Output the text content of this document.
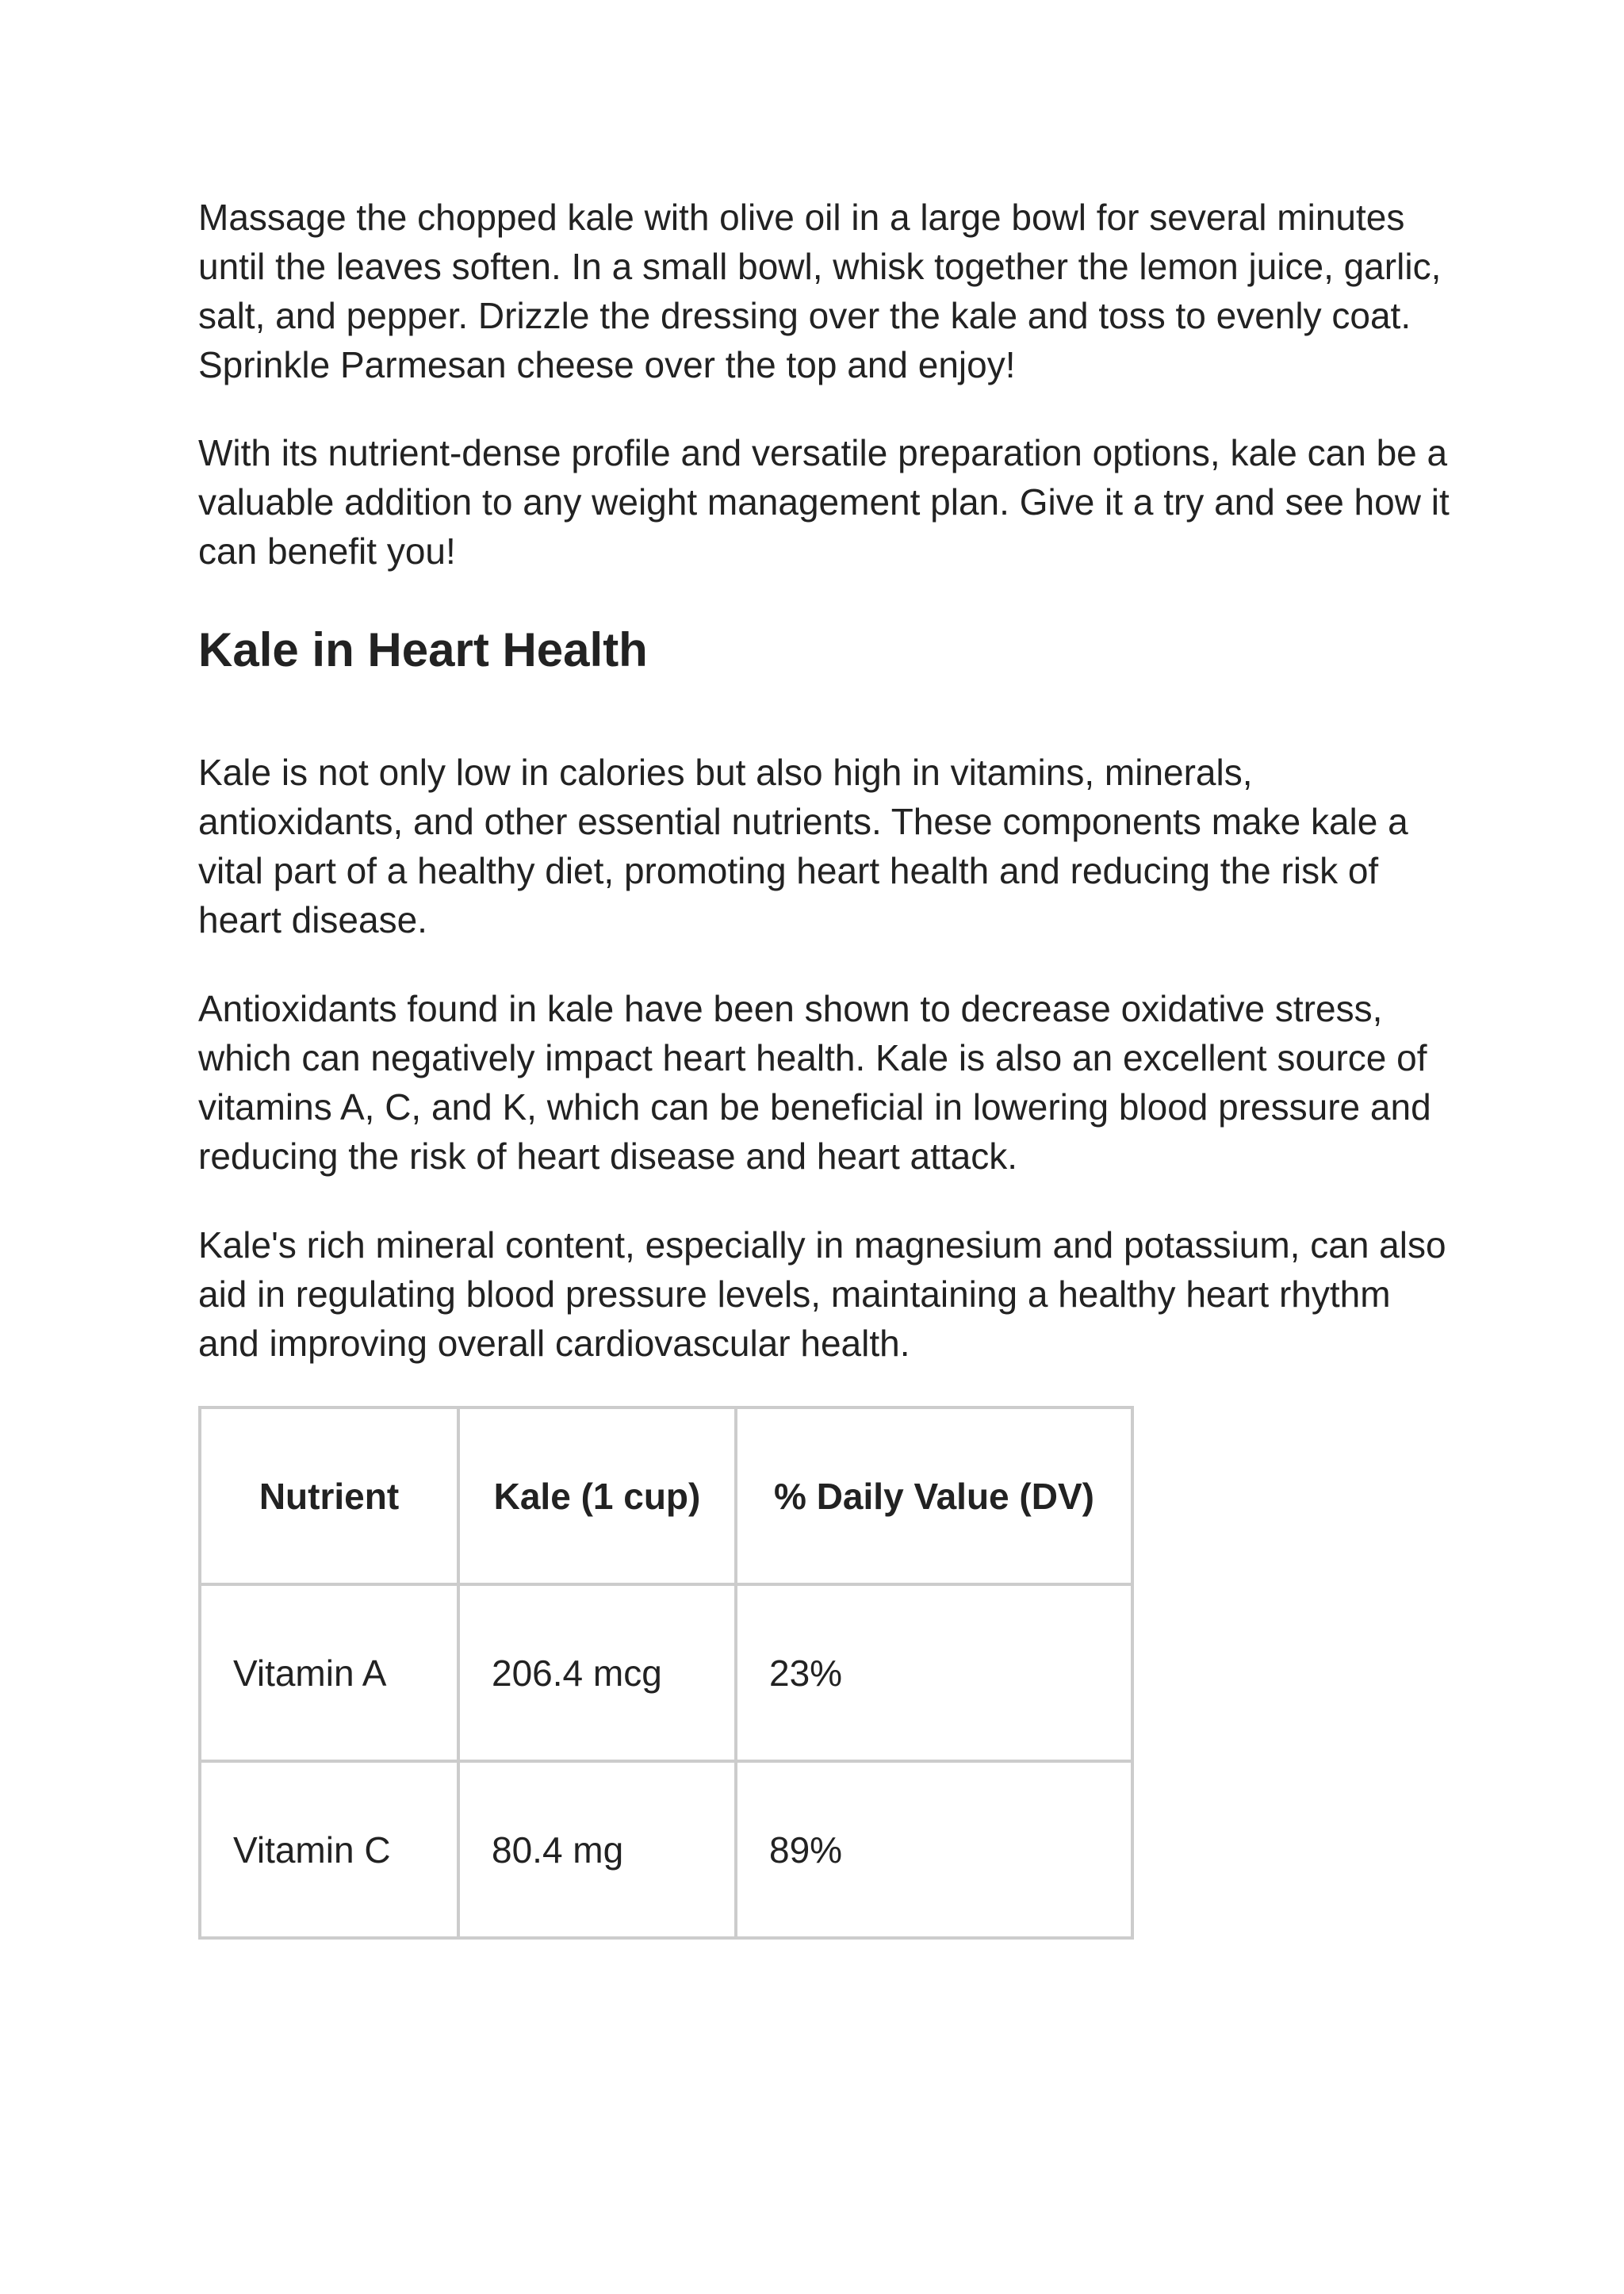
Massage the chopped kale with olive oil in a large bowl for several minutes until the leaves soften. In a small bowl, whisk together the lemon juice, garlic, salt, and pepper. Drizzle the dressing over the kale and toss to evenly coat. Sprinkle Parmesan cheese over the top and enjoy!

With its nutrient-dense profile and versatile preparation options, kale can be a valuable addition to any weight management plan. Give it a try and see how it can benefit you!

Kale in Heart Health

Kale is not only low in calories but also high in vitamins, minerals, antioxidants, and other essential nutrients. These components make kale a vital part of a healthy diet, promoting heart health and reducing the risk of heart disease.

Antioxidants found in kale have been shown to decrease oxidative stress, which can negatively impact heart health. Kale is also an excellent source of vitamins A, C, and K, which can be beneficial in lowering blood pressure and reducing the risk of heart disease and heart attack.

Kale's rich mineral content, especially in magnesium and potassium, can also aid in regulating blood pressure levels, maintaining a healthy heart rhythm and improving overall cardiovascular health.

Nutrient	Kale (1 cup)	% Daily Value (DV)
Vitamin A	206.4 mcg	23%
Vitamin C	80.4 mg	89%
